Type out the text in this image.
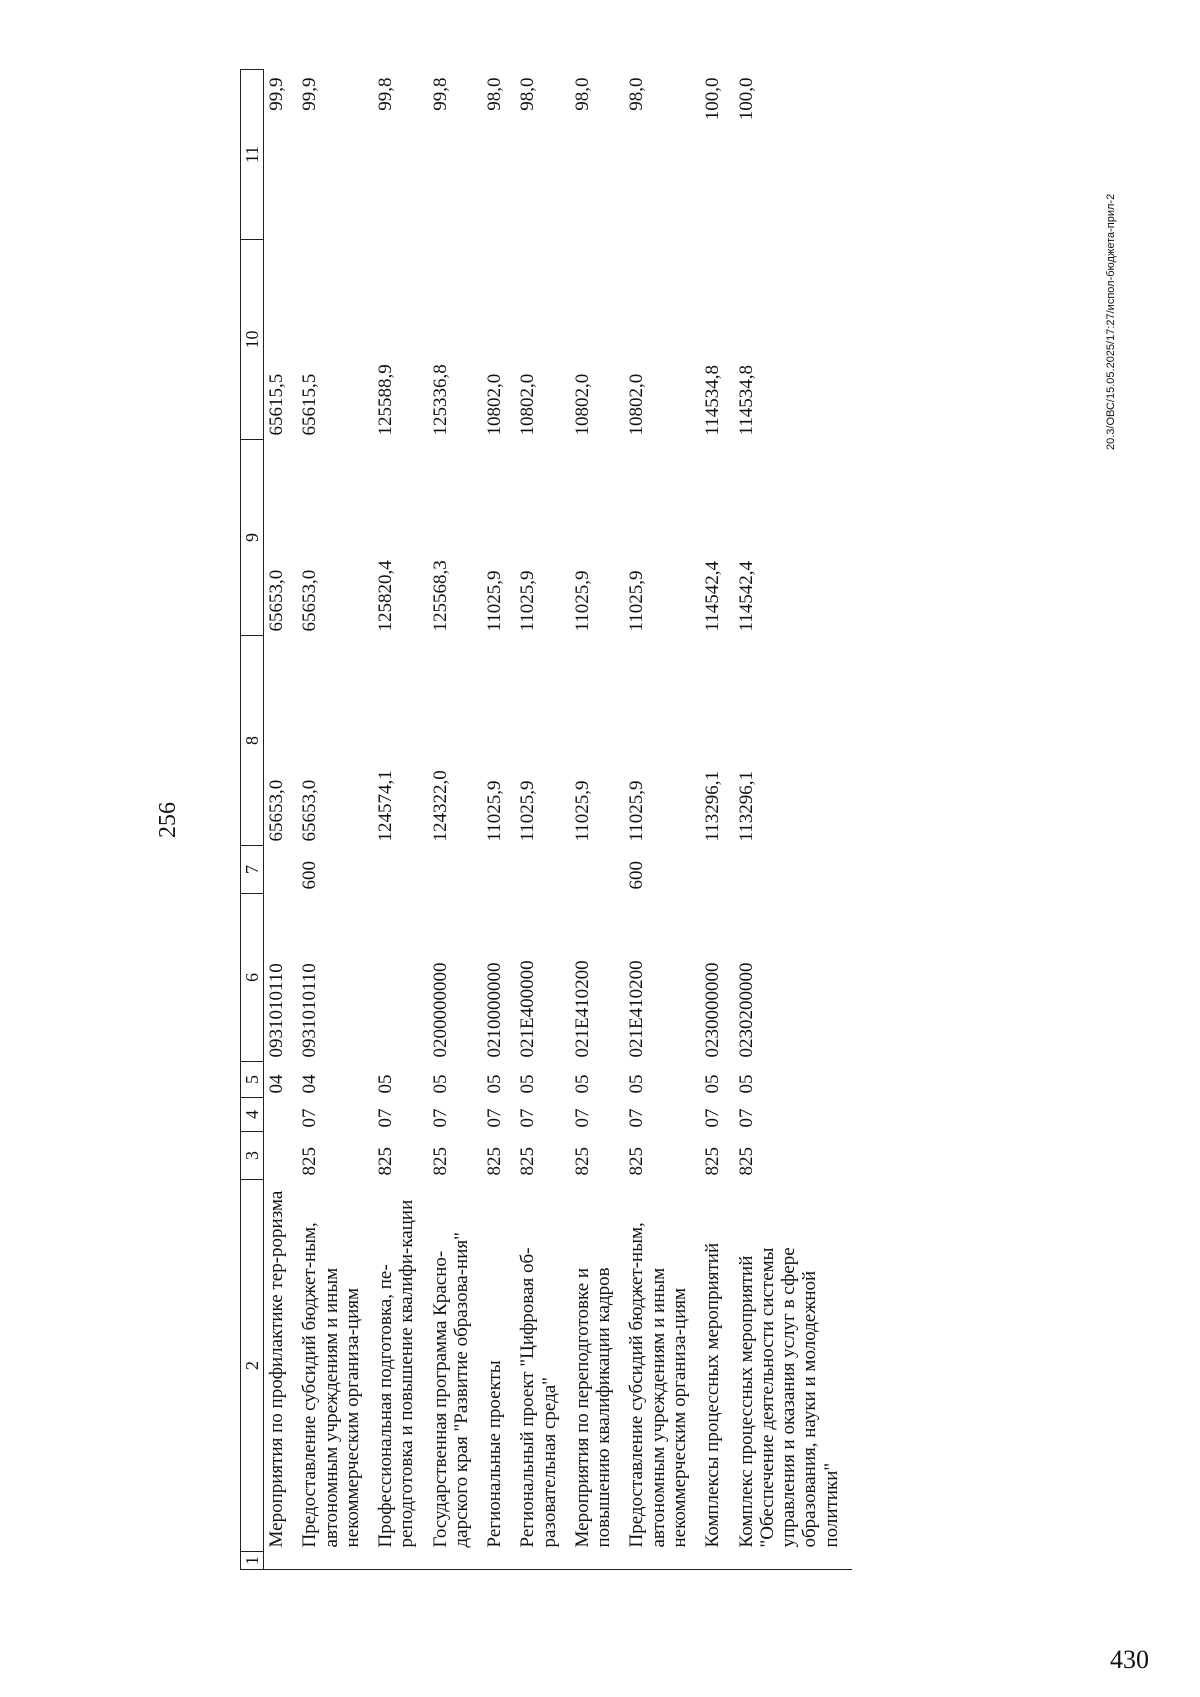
256
1	2	3	4	5	6	7	8	9	10	11
	Мероприятия по профилактике тер-роризма			04	0931010110		65653,0	65653,0	65615,5	99,9
	Предоставление субсидий бюджет-ным, автономным учреждениям и иным некоммерческим организа-циям	825	07	04	0931010110	600	65653,0	65653,0	65615,5	99,9
	Профессиональная подготовка, пе-реподготовка и повышение квалифи-кации	825	07	05			124574,1	125820,4	125588,9	99,8
	Государственная программа Красно-дарского края "Развитие образова-ния"	825	07	05	0200000000		124322,0	125568,3	125336,8	99,8
	Региональные проекты	825	07	05	0210000000		11025,9	11025,9	10802,0	98,0
	Региональный проект "Цифровая об-разовательная среда"	825	07	05	021Е400000		11025,9	11025,9	10802,0	98,0
	Мероприятия по переподготовке и повышению квалификации кадров	825	07	05	021Е410200		11025,9	11025,9	10802,0	98,0
	Предоставление субсидий бюджет-ным, автономным учреждениям и иным некоммерческим организа-циям	825	07	05	021Е410200	600	11025,9	11025,9	10802,0	98,0
	Комплексы процессных мероприятий	825	07	05	0230000000		113296,1	114542,4	114534,8	100,0
	Комплекс процессных мероприятий "Обеспечение деятельности системы управления и оказания услуг в сфере образования, науки и молодежной политики"	825	07	05	0230200000		113296,1	114542,4	114534,8	100,0
20.3/ОВС/15.05.2025/17:27/испол-бюджета-прил-2
430
